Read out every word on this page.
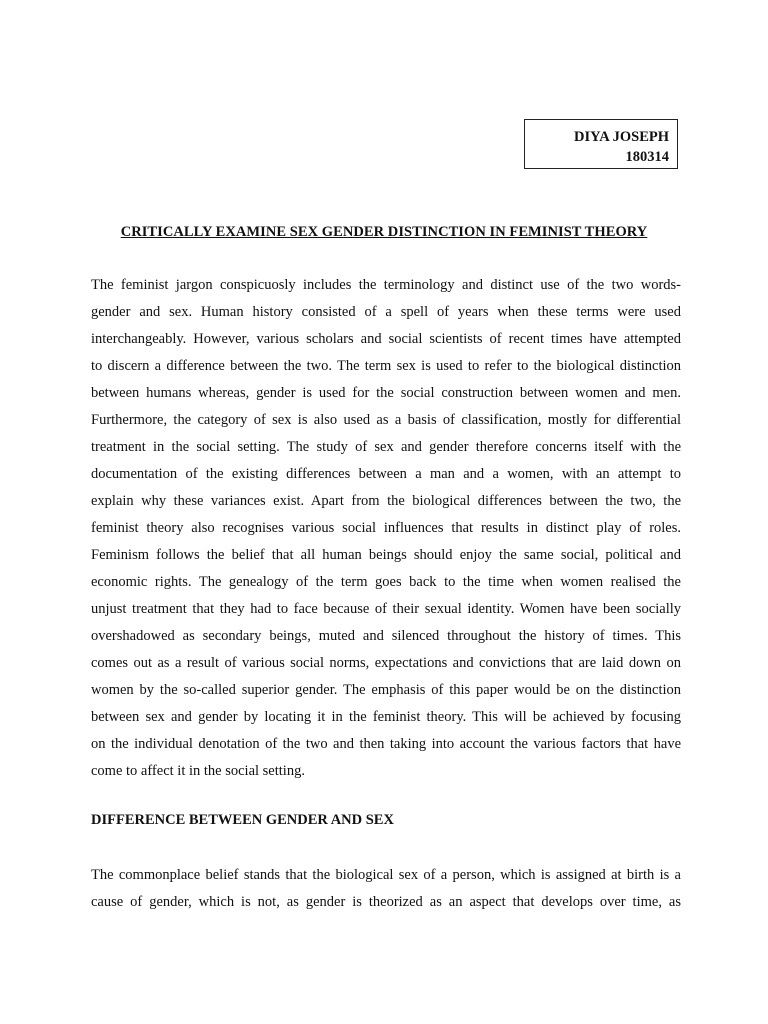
DIYA JOSEPH
180314
CRITICALLY EXAMINE SEX GENDER DISTINCTION IN FEMINIST THEORY
The feminist jargon conspicuosly includes the terminology and distinct use of the two words-
gender and sex. Human history consisted of a spell of years when these terms were used
interchangeably. However, various scholars and social scientists of recent times have attempted
to discern a difference between the two. The term sex is used to refer to the biological distinction
between humans whereas, gender is used for the social construction between women and men.
Furthermore, the category of sex is also used as a basis of classification, mostly for differential
treatment in the social setting. The study of sex and gender therefore concerns itself with the
documentation of the existing differences between a man and a women, with an attempt to
explain why these variances exist. Apart from the biological differences between the two, the
feminist theory also recognises various social influences that results in distinct play of roles.
Feminism follows the belief that all human beings should enjoy the same social, political and
economic rights. The genealogy of the term goes back to the time when women realised the
unjust treatment that they had to face because of their sexual identity. Women have been socially
overshadowed as secondary beings, muted and silenced throughout the history of times. This
comes out as a result of various social norms, expectations and convictions that are laid down on
women by the so-called superior gender. The emphasis of this paper would be on the distinction
between sex and gender by locating it in the feminist theory. This will be achieved by focusing
on the individual denotation of the two and then taking into account the various factors that have
come to affect it in the social setting.
DIFFERENCE BETWEEN GENDER AND SEX
The commonplace belief stands that the biological sex of a person, which is assigned at birth is a
cause of gender, which is not, as gender is theorized as an aspect that develops over time, as
